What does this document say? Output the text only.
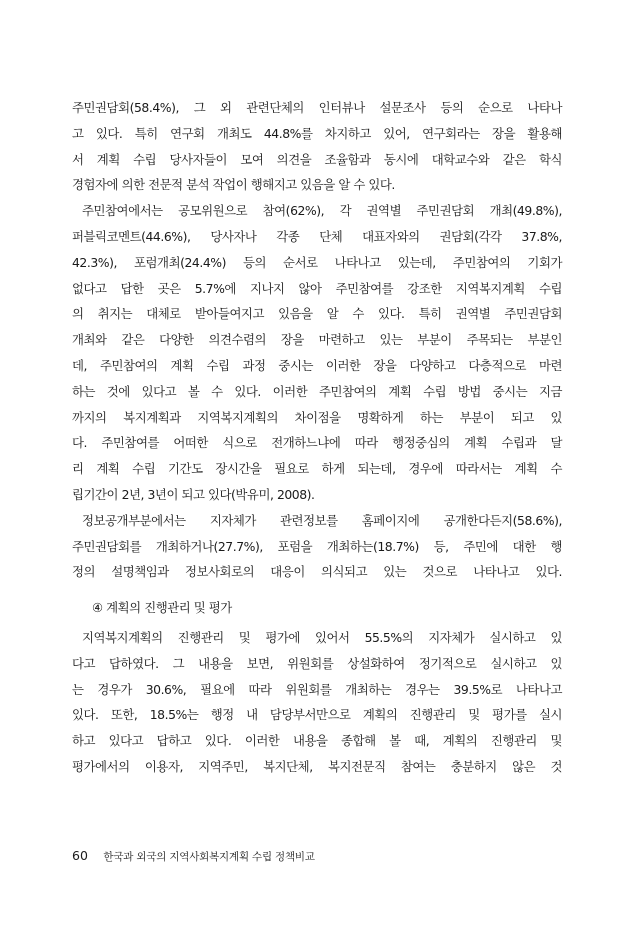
주민권담회(58.4%), 그 외 관련단체의 인터뷰나 설문조사 등의 순으로 나타나
고 있다. 특히 연구회 개최도 44.8%를 차지하고 있어, 연구회라는 장을 활용해
서 계획 수립 당사자들이 모여 의견을 조율함과 동시에 대학교수와 같은 학식
경험자에 의한 전문적 분석 작업이 행해지고 있음을 알 수 있다.
주민참여에서는 공모위원으로 참여(62%), 각 권역별 주민권담회 개최(49.8%),
퍼블릭코멘트(44.6%), 당사자나 각종 단체 대표자와의 권담회(각각 37.8%,
42.3%), 포럼개최(24.4%) 등의 순서로 나타나고 있는데, 주민참여의 기회가
없다고 답한 곳은 5.7%에 지나지 않아 주민참여를 강조한 지역복지계획 수립
의 취지는 대체로 받아들여지고 있음을 알 수 있다. 특히 권역별 주민권담회
개최와 같은 다양한 의견수렴의 장을 마련하고 있는 부분이 주목되는 부분인
데, 주민참여의 계획 수립 과정 중시는 이러한 장을 다양하고 다층적으로 마련
하는 것에 있다고 볼 수 있다. 이러한 주민참여의 계획 수립 방법 중시는 지금
까지의 복지계획과 지역복지계획의 차이점을 명확하게 하는 부분이 되고 있
다. 주민참여를 어떠한 식으로 전개하느냐에 따라 행정중심의 계획 수립과 달
리 계획 수립 기간도 장시간을 필요로 하게 되는데, 경우에 따라서는 계획 수
립기간이 2년, 3년이 되고 있다(박유미, 2008).
정보공개부분에서는 지자체가 관련정보를 홈페이지에 공개한다든지(58.6%),
주민권담회를 개최하거나(27.7%), 포럼을 개최하는(18.7%) 등, 주민에 대한 행
정의 설명책임과 정보사회로의 대응이 의식되고 있는 것으로 나타나고 있다.
④ 계획의 진행관리 및 평가
지역복지계획의 진행관리 및 평가에 있어서 55.5%의 지자체가 실시하고 있
다고 답하였다. 그 내용을 보면, 위원회를 상설화하여 정기적으로 실시하고 있
는 경우가 30.6%, 필요에 따라 위원회를 개최하는 경우는 39.5%로 나타나고
있다. 또한, 18.5%는 행정 내 담당부서만으로 계획의 진행관리 및 평가를 실시
하고 있다고 답하고 있다. 이러한 내용을 종합해 볼 때, 계획의 진행관리 및
평가에서의 이용자, 지역주민, 복지단체, 복지전문직 참여는 충분하지 않은 것
60 한국과 외국의 지역사회복지계획 수립 정책비교
